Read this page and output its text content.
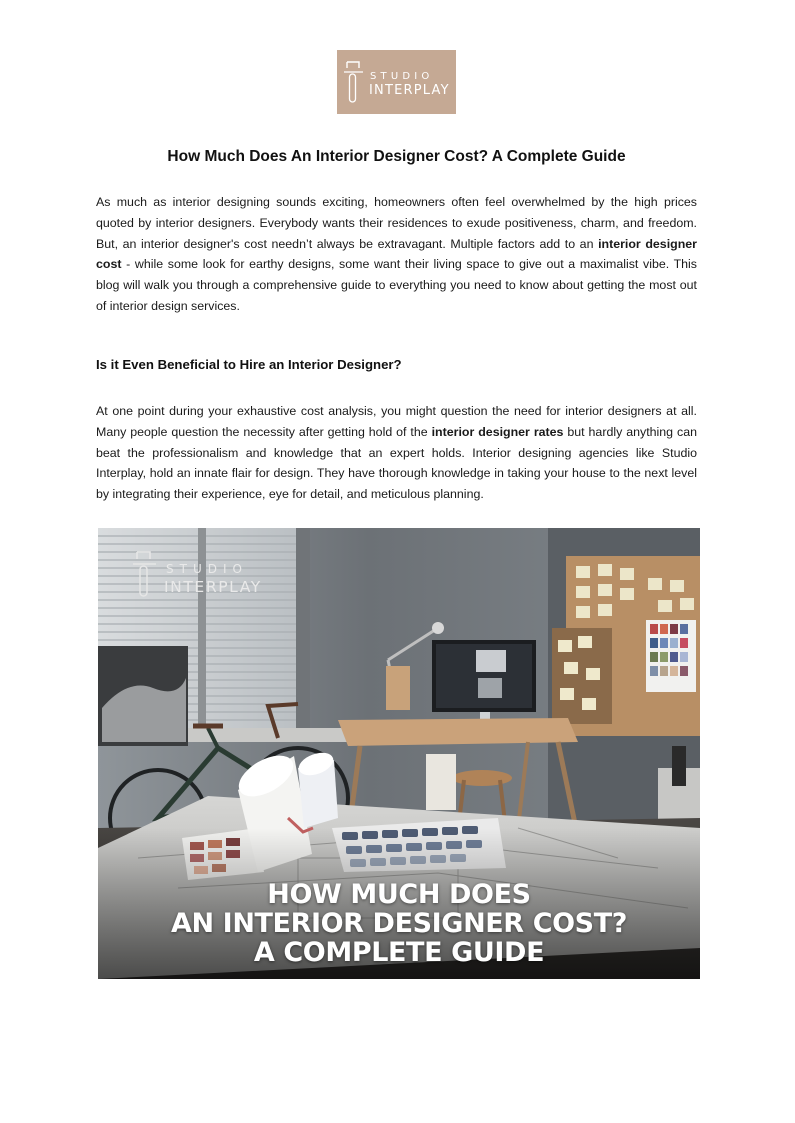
STUDIO
INTERPLAY
How Much Does An Interior Designer Cost? A Complete Guide

As much as interior designing sounds exciting, homeowners often feel overwhelmed by the high prices quoted by interior designers. Everybody wants their residences to exude positiveness, charm, and freedom. But, an interior designer's cost needn’t always be extravagant. Multiple factors add to an interior designer cost - while some look for earthy designs, some want their living space to give out a maximalist vibe. This blog will walk you through a comprehensive guide to everything you need to know about getting the most out of interior design services.

Is it Even Beneficial to Hire an Interior Designer?

At one point during your exhaustive cost analysis, you might question the need for interior designers at all. Many people question the necessity after getting hold of the interior designer rates but hardly anything can beat the professionalism and knowledge that an expert holds. Interior designing agencies like Studio Interplay, hold an innate flair for design. They have thorough knowledge in taking your house to the next level by integrating their experience, eye for detail, and meticulous planning.

STUDIO
INTERPLAY
HOW MUCH DOES
AN INTERIOR DESIGNER COST?
A COMPLETE GUIDE
